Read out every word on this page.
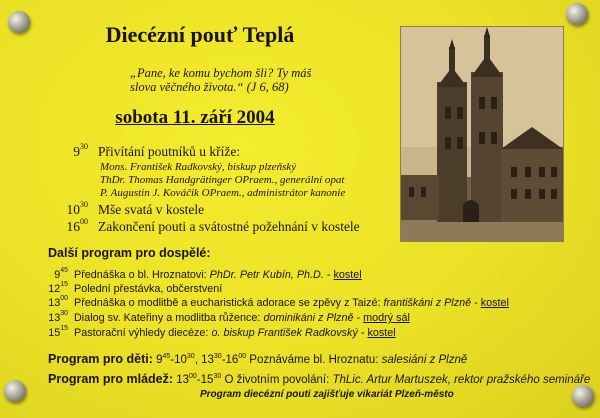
Diecézní pouť Teplá
„Pane, ke komu bychom šli? Ty máš
slova věčného života.“ (J 6, 68)
sobota 11. září 2004
$9^{30}$ Přivítání poutníků u kříže:
Mons. František Radkovský, biskup plzeňský
ThDr. Thomas Handgrätinger OPraem., generální opat
P. Augustin J. Kováčik OPraem., administrátor kanonie
$10^{30}$ Mše svatá v kostele
$16^{00}$ Zakončení pouti a svátostné požehnání v kostele
Další program pro dospělé:
$9^{45}$ Přednáška o bl. Hroznatovi: PhDr. Petr Kubín, Ph.D. - kostel
$12^{15}$ Polední přestávka, občerstvení
$13^{00}$ Přednáška o modlitbě a eucharistická adorace se zpěvy z Taizé: františkáni z Plzně - kostel
$13^{30}$ Dialog sv. Kateřiny a modlitba růžence: dominikáni z Plzně - modrý sál
$15^{15}$ Pastorační výhledy diecéze: o. biskup František Radkovský - kostel
Program pro děti: $9^{45}-10^{30}$, $13^{30}-16^{00}$ Poznáváme bl. Hroznatu: salesiáni z Plzně
Program pro mládež: $13^{00}-15^{30}$ O životním povolání: ThLic. Artur Martuszek, rektor pražského semináře
Program diecézní pouti zajišťuje vikariát Plzeň-město
